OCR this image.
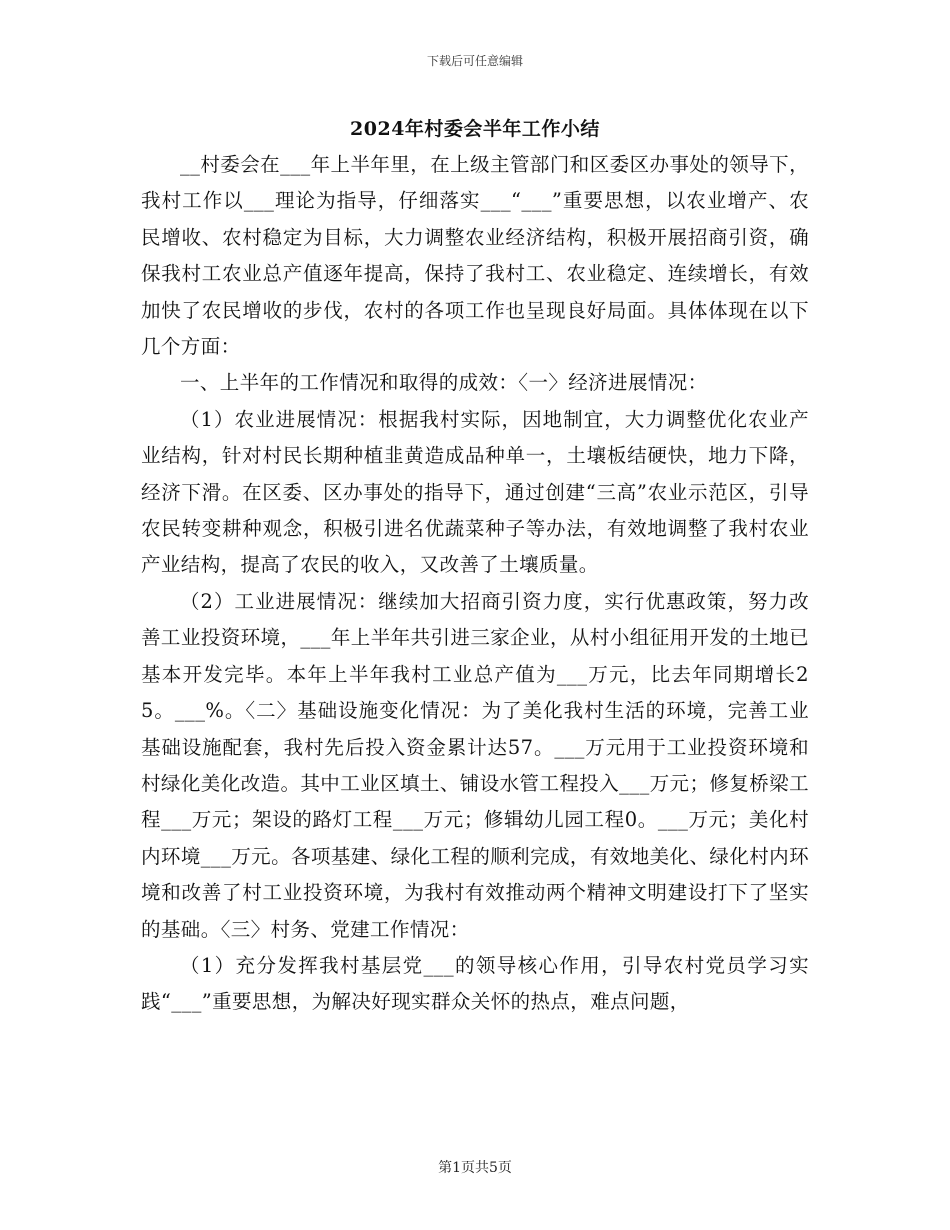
下载后可任意编辑
2024年村委会半年工作小结

__村委会在___年上半年里，在上级主管部门和区委区办事处的领导下，我村工作以___理论为指导，仔细落实___“___”重要思想，以农业增产、农民增收、农村稳定为目标，大力调整农业经济结构，积极开展招商引资，确保我村工农业总产值逐年提高，保持了我村工、农业稳定、连续增长，有效加快了农民增收的步伐，农村的各项工作也呈现良好局面。具体体现在以下几个方面：

一、上半年的工作情况和取得的成效：〈一〉经济进展情况：

（1）农业进展情况：根据我村实际，因地制宜，大力调整优化农业产业结构，针对村民长期种植韭黄造成品种单一，土壤板结硬快，地力下降，经济下滑。在区委、区办事处的指导下，通过创建“三高”农业示范区，引导农民转变耕种观念，积极引进名优蔬菜种子等办法，有效地调整了我村农业产业结构，提高了农民的收入，又改善了土壤质量。

（2）工业进展情况：继续加大招商引资力度，实行优惠政策，努力改善工业投资环境，___年上半年共引进三家企业，从村小组征用开发的土地已基本开发完毕。本年上半年我村工业总产值为___万元，比去年同期增长25。___%。〈二〉基础设施变化情况：为了美化我村生活的环境，完善工业基础设施配套，我村先后投入资金累计达57。___万元用于工业投资环境和村绿化美化改造。其中工业区填土、铺设水管工程投入___万元；修复桥梁工程___万元；架设的路灯工程___万元；修辑幼儿园工程0。___万元；美化村内环境___万元。各项基建、绿化工程的顺利完成，有效地美化、绿化村内环境和改善了村工业投资环境，为我村有效推动两个精神文明建设打下了坚实的基础。〈三〉村务、党建工作情况：

（1）充分发挥我村基层党___的领导核心作用，引导农村党员学习实践“___”重要思想，为解决好现实群众关怀的热点，难点问题，

第1页共5页
